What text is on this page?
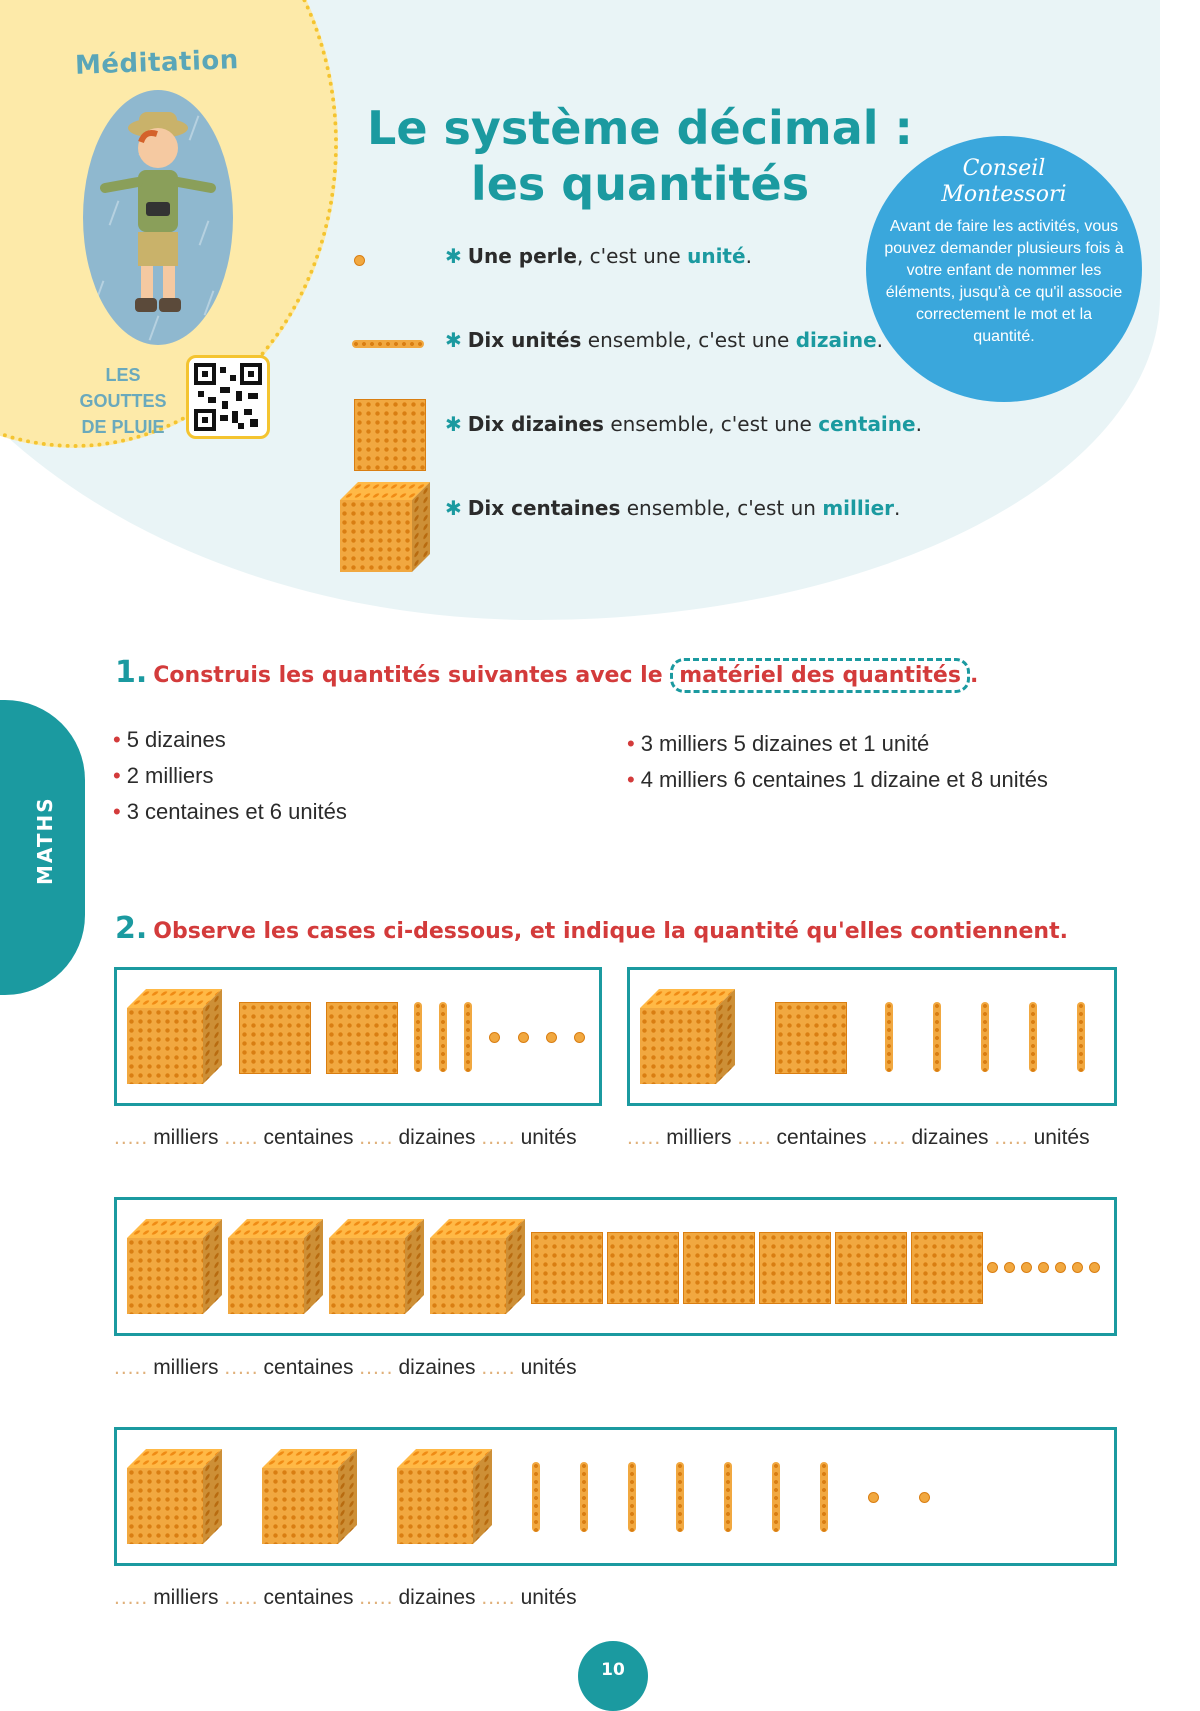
Méditation
LES GOUTTES
DE PLUIE
Le système décimal :
les quantités	Conseil
Montessori
Avant de faire les activités, vous pouvez demander plusieurs fois à votre enfant de nommer les éléments, jusqu'à ce qu'il associe correctement le mot et la quantité.
✱ Une perle, c'est une unité.
✱ Dix unités ensemble, c'est une dizaine.
✱ Dix dizaines ensemble, c'est une centaine.
✱ Dix centaines ensemble, c'est un millier.
1. Construis les quantités suivantes avec le matériel des quantités .
• 5 dizaines
• 2 milliers
• 3 centaines et 6 unités
• 3 milliers 5 dizaines et 1 unité
• 4 milliers 6 centaines 1 dizaine et 8 unités
2. Observe les cases ci-dessous, et indique la quantité qu'elles contiennent.
..... milliers ..... centaines ..... dizaines ..... unités ..... milliers ..... centaines ..... dizaines ..... unités
..... milliers ..... centaines ..... dizaines ..... unités
..... milliers ..... centaines ..... dizaines ..... unités
MATHS
10
